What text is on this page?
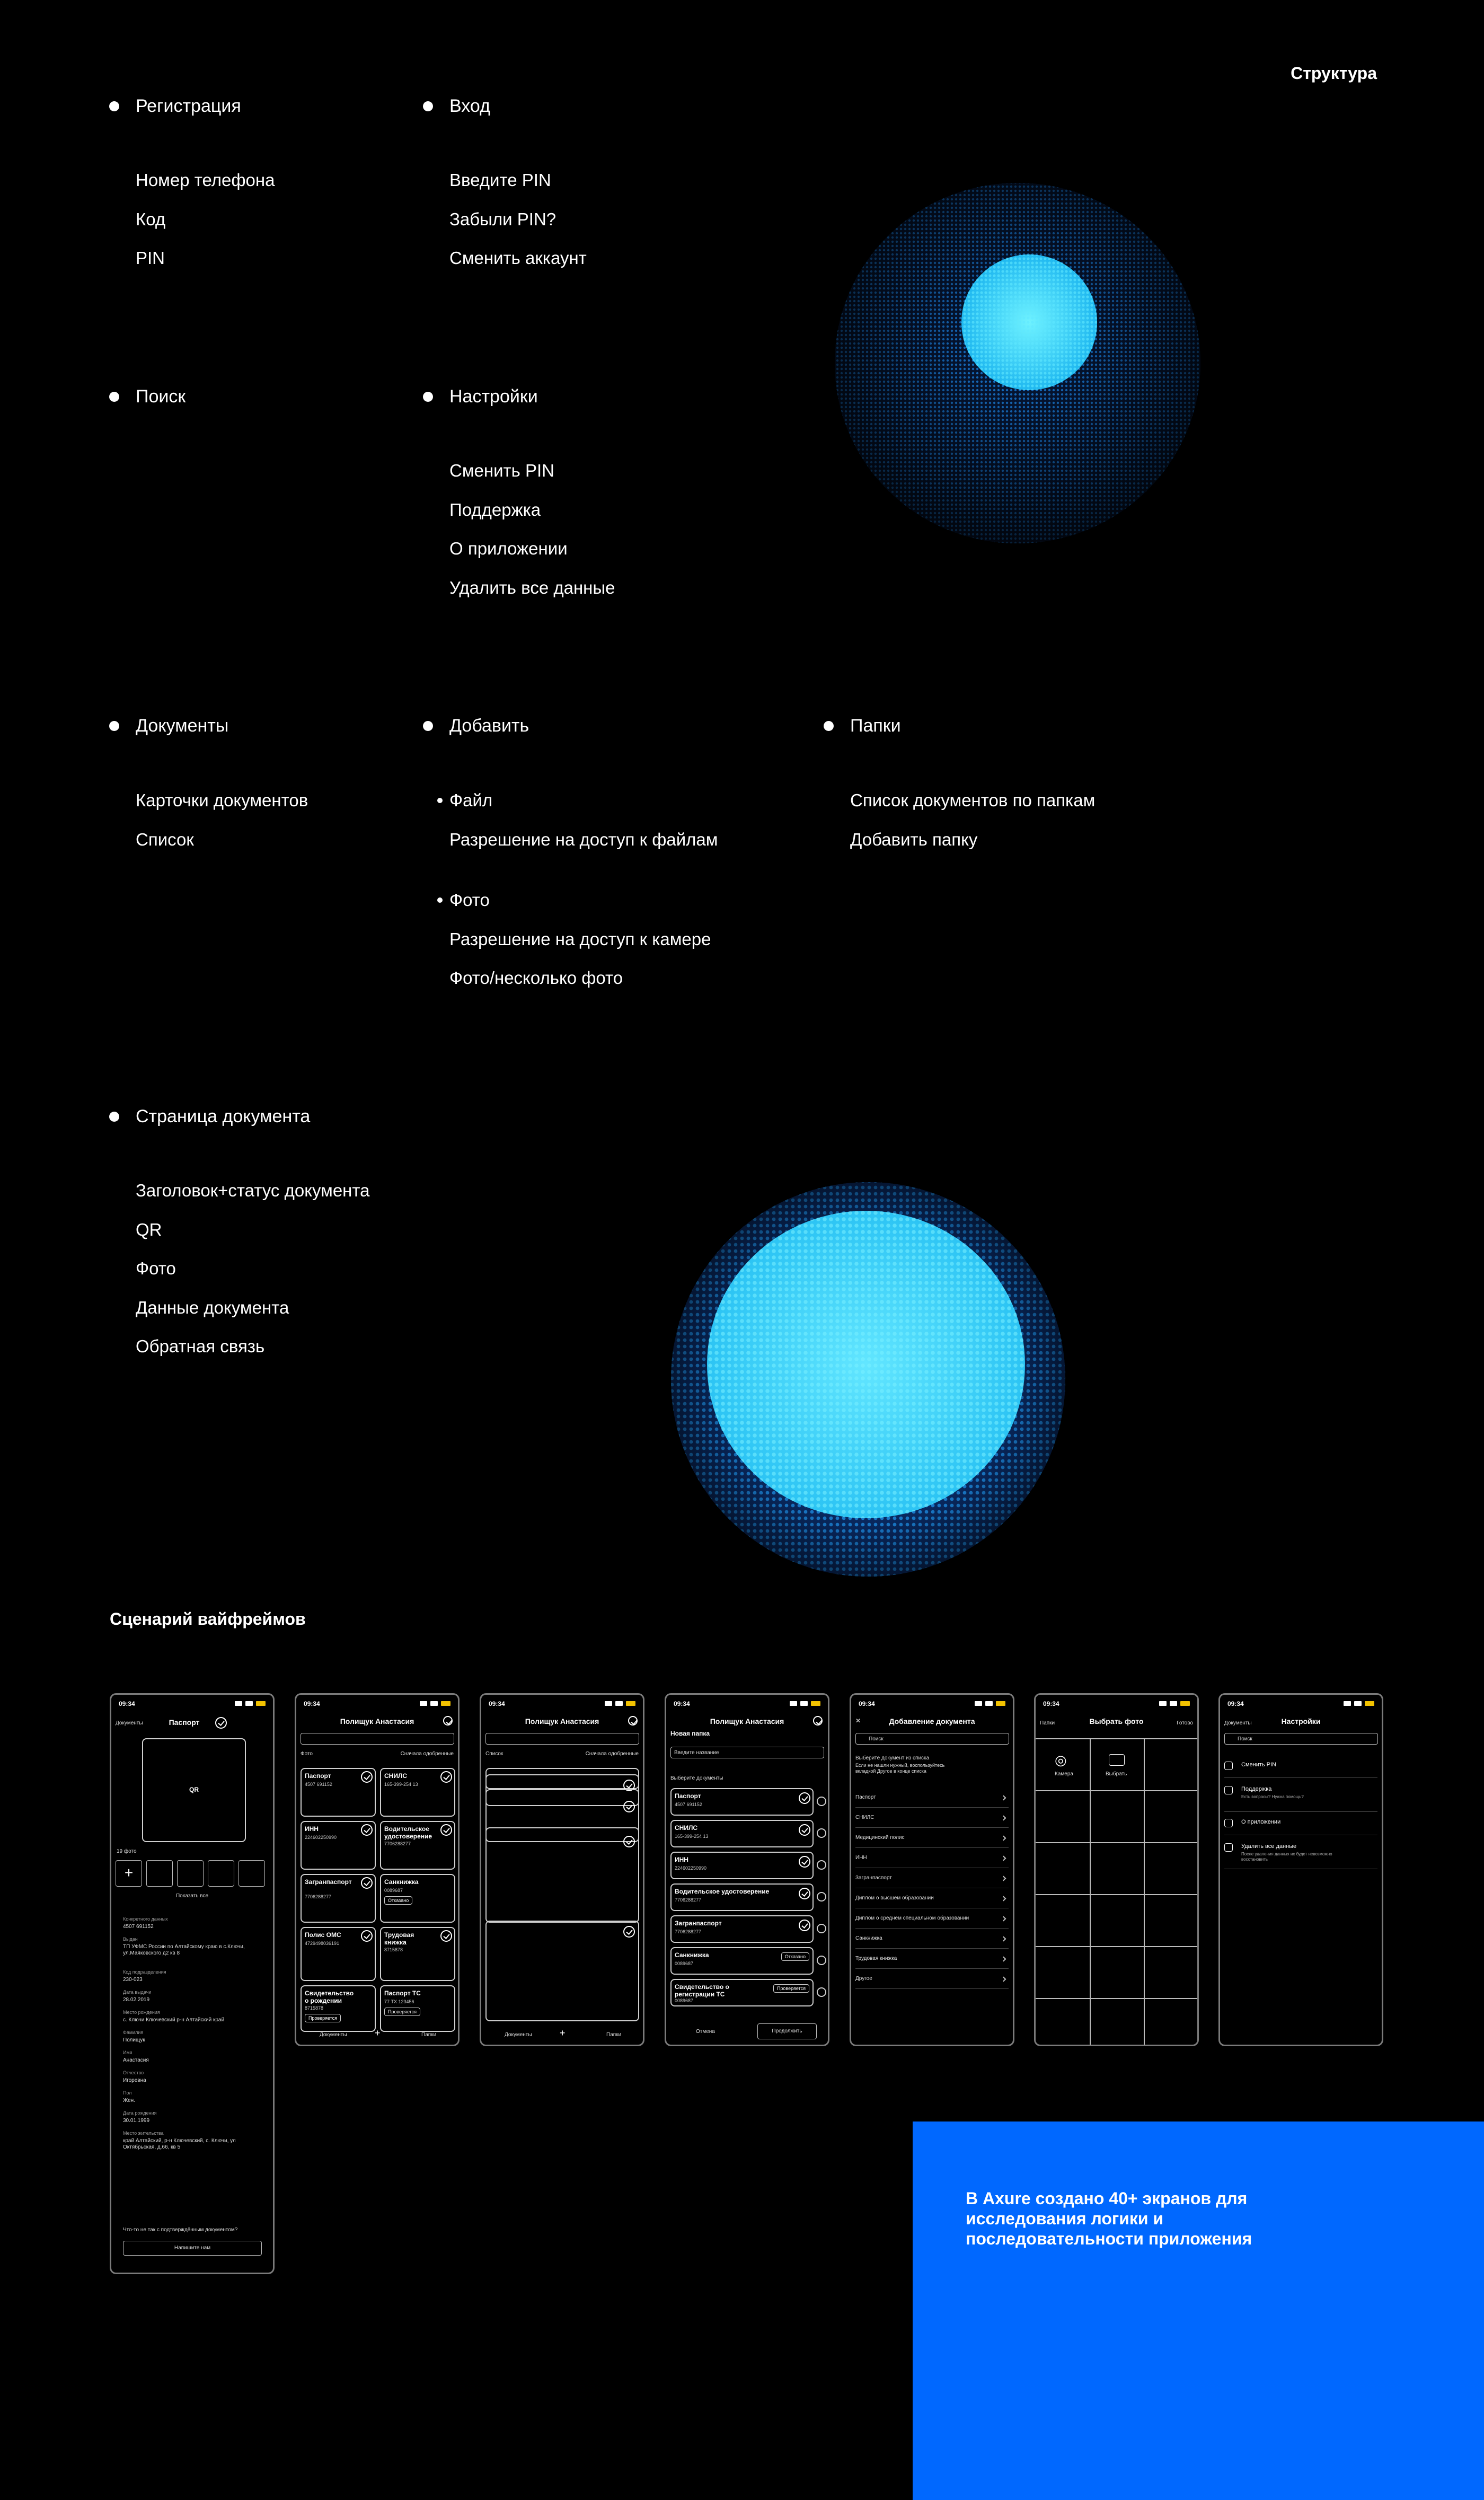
Структура
Регистрация
Номер телефона
Код
PIN
Вход
Введите PIN
Забыли PIN?
Сменить аккаунт
Поиск	Настройки
Сменить PIN
Поддержка
О приложении
Удалить все данные
Документы
Карточки документов
Список
Добавить
Файл
Разрешение на доступ к файлам
Фото
Разрешение на доступ к камере
Фото/несколько фото
Папки
Список документов по папкам
Добавить папку
Страница документа
Заголовок+статус документа
QR
Фото
Данные документа
Обратная связь
Сценарий вайфреймов
09:34
Документы	Паспорт
QR
19 фото
+
Показать все
Конкретного данных
4507 691152
Выдан
ТП УФМС России по Алтайскому краю в с.Ключи, ул.Маяковского д2 кв 8
Код подразделения
230-023
Дата выдачи
28.02.2019
Место рождения
с. Ключи Ключевский р-н Алтайский край
Фамилия
Полищук
Имя
Анастасия
Отчество
Игоревна
Пол
Жен.
Дата рождения
30.01.1999
Место жительства
край Алтайский, р-н Ключевский, с. Ключи, ул Октябрьская, д.66, кв 5
Что-то не так с подтверждённым документом?
Напишите нам
09:34
Полищук Анастасия
Фото	Сначала одобренные
Паспорт
4507 691152
СНИЛС
165-399-254 13
ИНН
224602250990
Водительское удостоверение
7706288277
Загранпаспорт
7706288277
Санкнижка
0089687
Отказано
Полис ОМС
4729498036191
Трудовая книжка
8715878
Свидетельство о рождении
8715878
Проверяется
Паспорт ТС
77 ТХ 123456
Проверяется
Документы	+	Папки
09:34
Полищук Анастасия
Список	Сначала одобренные
Документы	+	Папки
09:34
Полищук Анастасия
Новая папка
Введите название
Выберите документы
Паспорт
4507 691152
СНИЛС
165-399-254 13
ИНН
224602250990
Водительское удостоверение
7706288277
Загранпаспорт
7706288277
Санкнижка
0089687
Отказано
Свидетельство о регистрации ТС
0089687
Проверяется
Отмена	Продолжить
09:34
✕	Добавление документа
Поиск
Выберите документ из списка
Если не нашли нужный, воспользуйтесь вкладкой Другое в конце списка
Паспорт
СНИЛС
Медицинский полис
ИНН
Загранпаспорт
Диплом о высшем образовании
Диплом о среднем специальном образовании
Санкнижка
Трудовая книжка
Другое
09:34
Папки	Выбрать фото	Готово
◎
Камера	Выбрать
09:34
Документы	Настройки
Поиск
Сменить PIN
Поддержка
Есть вопросы? Нужна помощь?
О приложении
Удалить все данные
После удаления данных их будет невозможно восстановить
В Axure создано 40+ экранов для исследования логики и последовательности приложения
